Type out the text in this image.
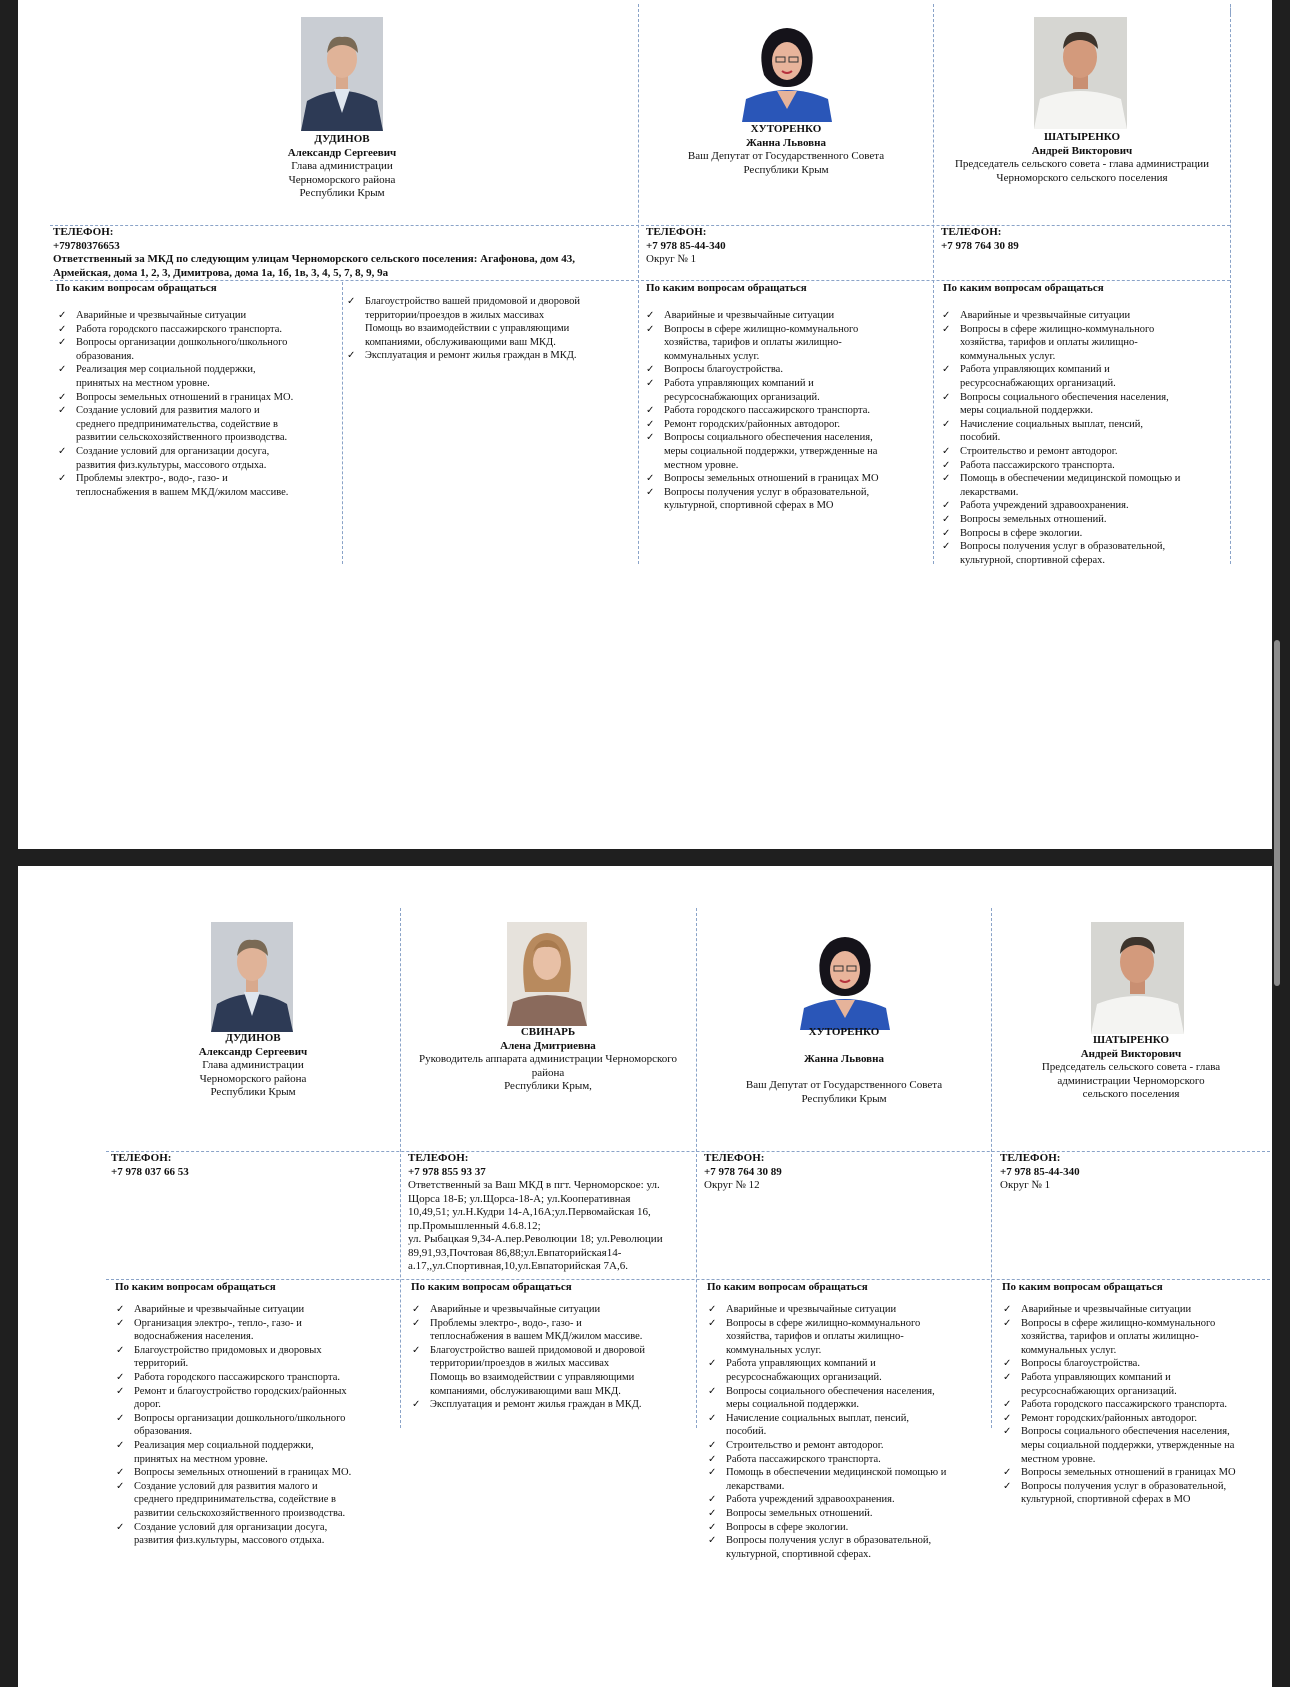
ДУДИНОВ
Александр Сергеевич
Глава администрации
Черноморского района
Республики Крым
ХУТОРЕНКО
Жанна Львовна
Ваш Депутат от Государственного Совета
Республики Крым
ШАТЫРЕНКО
Андрей Викторович
Председатель сельского совета - глава администрации
Черноморского сельского поселения
ТЕЛЕФОН:
+79780376653
Ответственный за МКД по следующим улицам Черноморского сельского поселения: Агафонова, дом 43,
Армейская, дома 1, 2, 3, Димитрова, дома 1а, 1б, 1в, 3, 4, 5, 7, 8, 9, 9а
ТЕЛЕФОН:
+7 978 85-44-340
Округ № 1
ТЕЛЕФОН:
+7 978 764 30 89
По каким вопросам обращаться	По каким вопросам обращаться	По каким вопросам обращаться
✓ Аварийные и чрезвычайные ситуации
✓ Работа городского пассажирского транспорта.
✓ Вопросы организации дошкольного/школьного
образования.
✓ Реализация мер социальной поддержки,
принятых на местном уровне.
✓ Вопросы земельных отношений в границах МО.
✓ Создание условий для развития малого и
среднего предпринимательства, содействие в
развитии сельскохозяйственного производства.
✓ Создание условий для организации досуга,
развития физ.культуры, массового отдыха.
✓ Проблемы электро-, водо-, газо- и
теплоснабжения в вашем МКД/жилом массиве.
✓ Благоустройство вашей придомовой и дворовой
территории/проездов в жилых массивах
Помощь во взаимодействии с управляющими
компаниями, обслуживающими ваш МКД.
✓ Эксплуатация и ремонт жилья граждан в МКД.
✓ Аварийные и чрезвычайные ситуации
✓ Вопросы в сфере жилищно-коммунального
хозяйства, тарифов и оплаты жилищно-
коммунальных услуг.
✓ Вопросы благоустройства.
✓ Работа управляющих компаний и
ресурсоснабжающих организаций.
✓ Работа городского пассажирского транспорта.
✓ Ремонт городских/районных автодорог.
✓ Вопросы социального обеспечения населения,
меры социальной поддержки, утвержденные на
местном уровне.
✓ Вопросы земельных отношений в границах МО
✓ Вопросы получения услуг в образовательной,
культурной, спортивной сферах в МО
✓ Аварийные и чрезвычайные ситуации
✓ Вопросы в сфере жилищно-коммунального
хозяйства, тарифов и оплаты жилищно-
коммунальных услуг.
✓ Работа управляющих компаний и
ресурсоснабжающих организаций.
✓ Вопросы социального обеспечения населения,
меры социальной поддержки.
✓ Начисление социальных выплат, пенсий,
пособий.
✓ Строительство и ремонт автодорог.
✓ Работа пассажирского транспорта.
✓ Помощь в обеспечении медицинской помощью и
лекарствами.
✓ Работа учреждений здравоохранения.
✓ Вопросы земельных отношений.
✓ Вопросы в сфере экологии.
✓ Вопросы получения услуг в образовательной,
культурной, спортивной сферах.
ДУДИНОВ
Александр Сергеевич
Глава администрации
Черноморского района
Республики Крым
СВИНАРЬ
Алена Дмитриевна
Руководитель аппарата администрации Черноморского
района
Республики Крым,
ХУТОРЕНКО
Жанна Львовна
Ваш Депутат от Государственного Совета
Республики Крым
ШАТЫРЕНКО
Андрей Викторович
Председатель сельского совета - глава
администрации Черноморского
сельского поселения
ТЕЛЕФОН:
+7 978 037 66 53
ТЕЛЕФОН:
+7 978 855 93 37
Ответственный за Ваш МКД в пгт. Черноморское: ул.
Щорса 18-Б; ул.Щорса-18-А; ул.Кооперативная
10,49,51; ул.Н.Кудри 14-А,16А;ул.Первомайская 16,
пр.Промышленный 4.6.8.12;
ул. Рыбацкая 9,34-А.пер.Революции 18; ул.Революции
89,91,93,Почтовая 86,88;ул.Евпаторийская14-
а.17,,ул.Спортивная,10,ул.Евпаторийская 7А,6.
ТЕЛЕФОН:
+7 978 764 30 89
Округ № 12
ТЕЛЕФОН:
+7 978 85-44-340
Округ № 1
По каким вопросам обращаться	По каким вопросам обращаться	По каким вопросам обращаться	По каким вопросам обращаться
✓ Аварийные и чрезвычайные ситуации
✓ Организация электро-, тепло-, газо- и
водоснабжения населения.
✓ Благоустройство придомовых и дворовых
территорий.
✓ Работа городского пассажирского транспорта.
✓ Ремонт и благоустройство городских/районных
дорог.
✓ Вопросы организации дошкольного/школьного
образования.
✓ Реализация мер социальной поддержки,
принятых на местном уровне.
✓ Вопросы земельных отношений в границах МО.
✓ Создание условий для развития малого и
среднего предпринимательства, содействие в
развитии сельскохозяйственного производства.
✓ Создание условий для организации досуга,
развития физ.культуры, массового отдыха.
✓ Аварийные и чрезвычайные ситуации
✓ Проблемы электро-, водо-, газо- и
теплоснабжения в вашем МКД/жилом массиве.
✓ Благоустройство вашей придомовой и дворовой
территории/проездов в жилых массивах
Помощь во взаимодействии с управляющими
компаниями, обслуживающими ваш МКД.
✓ Эксплуатация и ремонт жилья граждан в МКД.
✓ Аварийные и чрезвычайные ситуации
✓ Вопросы в сфере жилищно-коммунального
хозяйства, тарифов и оплаты жилищно-
коммунальных услуг.
✓ Работа управляющих компаний и
ресурсоснабжающих организаций.
✓ Вопросы социального обеспечения населения,
меры социальной поддержки.
✓ Начисление социальных выплат, пенсий,
пособий.
✓ Строительство и ремонт автодорог.
✓ Работа пассажирского транспорта.
✓ Помощь в обеспечении медицинской помощью и
лекарствами.
✓ Работа учреждений здравоохранения.
✓ Вопросы земельных отношений.
✓ Вопросы в сфере экологии.
✓ Вопросы получения услуг в образовательной,
культурной, спортивной сферах.
✓ Аварийные и чрезвычайные ситуации
✓ Вопросы в сфере жилищно-коммунального
хозяйства, тарифов и оплаты жилищно-
коммунальных услуг.
✓ Вопросы благоустройства.
✓ Работа управляющих компаний и
ресурсоснабжающих организаций.
✓ Работа городского пассажирского транспорта.
✓ Ремонт городских/районных автодорог.
✓ Вопросы социального обеспечения населения,
меры социальной поддержки, утвержденные на
местном уровне.
✓ Вопросы земельных отношений в границах МО
✓ Вопросы получения услуг в образовательной,
культурной, спортивной сферах в МО
